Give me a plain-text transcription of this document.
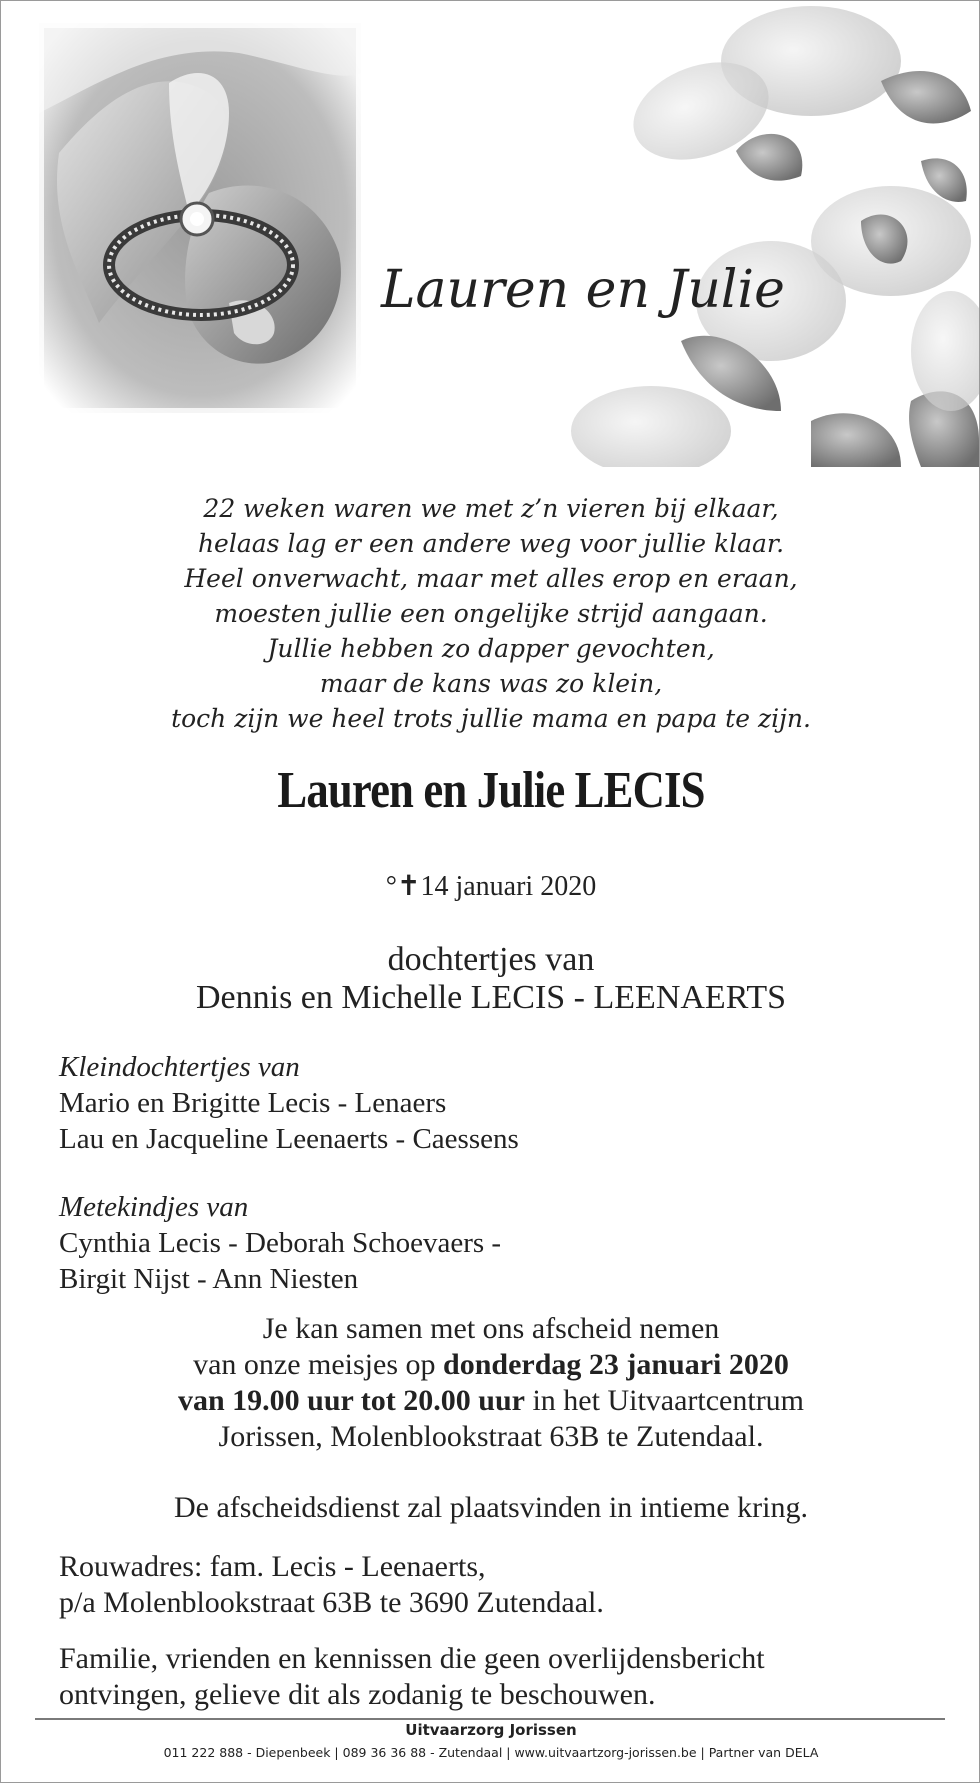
Lauren en Julie
22 weken waren we met z’n vieren bij elkaar,
helaas lag er een andere weg voor jullie klaar.
Heel onverwacht, maar met alles erop en eraan,
moesten jullie een ongelijke strijd aangaan.
Jullie hebben zo dapper gevochten,
maar de kans was zo klein,
toch zijn we heel trots jullie mama en papa te zijn.
Lauren en Julie LECIS
°✝14 januari 2020
dochtertjes van
Dennis en Michelle LECIS - LEENAERTS
Kleindochtertjes van
Mario en Brigitte Lecis - Lenaers
Lau en Jacqueline Leenaerts - Caessens
Metekindjes van
Cynthia Lecis - Deborah Schoevaers -
Birgit Nijst - Ann Niesten
Je kan samen met ons afscheid nemen
van onze meisjes op donderdag 23 januari 2020
van 19.00 uur tot 20.00 uur in het Uitvaartcentrum
Jorissen, Molenblookstraat 63B te Zutendaal.
De afscheidsdienst zal plaatsvinden in intieme kring.
Rouwadres: fam. Lecis - Leenaerts,
p/a Molenblookstraat 63B te 3690 Zutendaal.
Familie, vrienden en kennissen die geen overlijdensbericht
ontvingen, gelieve dit als zodanig te beschouwen.
Uitvaarzorg Jorissen
011 222 888 - Diepenbeek | 089 36 36 88 - Zutendaal | www.uitvaartzorg-jorissen.be | Partner van DELA
